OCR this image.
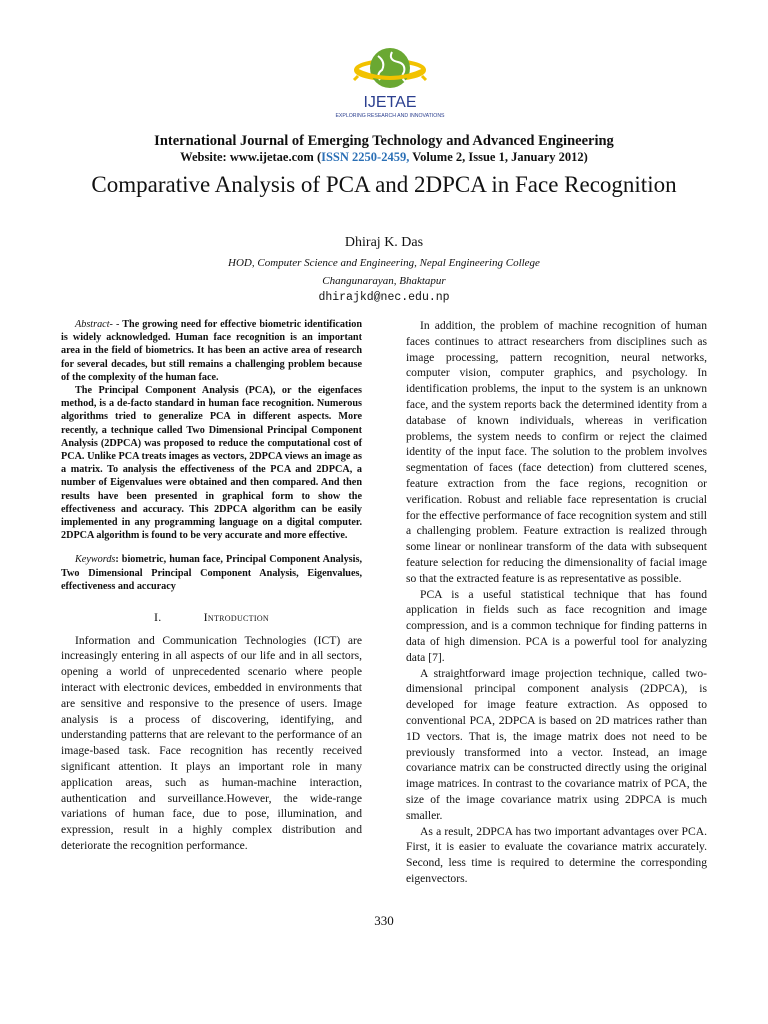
IJETAE
EXPLORING RESEARCH AND INNOVATIONS
International Journal of Emerging Technology and Advanced Engineering
Website: www.ijetae.com (ISSN 2250-2459, Volume 2, Issue 1, January 2012)
Comparative Analysis of PCA and 2DPCA in Face Recognition
Dhiraj K. Das
HOD, Computer Science and Engineering, Nepal Engineering College
Changunarayan, Bhaktapur
dhirajkd@nec.edu.np

Abstract- - The growing need for effective biometric identification is widely acknowledged. Human face recognition is an important area in the field of biometrics. It has been an active area of research for several decades, but still remains a challenging problem because of the complexity of the human face.

The Principal Component Analysis (PCA), or the eigenfaces method, is a de-facto standard in human face recognition. Numerous algorithms tried to generalize PCA in different aspects. More recently, a technique called Two Dimensional Principal Component Analysis (2DPCA) was proposed to reduce the computational cost of PCA. Unlike PCA treats images as vectors, 2DPCA views an image as a matrix. To analysis the effectiveness of the PCA and 2DPCA, a number of Eigenvalues were obtained and then compared. And then results have been presented in graphical form to show the effectiveness and accuracy. This 2DPCA algorithm can be easily implemented in any programming language on a digital computer. 2DPCA algorithm is found to be very accurate and more effective.

Keywords: biometric, human face, Principal Component Analysis, Two Dimensional Principal Component Analysis, Eigenvalues, effectiveness and accuracy

I.	Introduction

Information and Communication Technologies (ICT) are increasingly entering in all aspects of our life and in all sectors, opening a world of unprecedented scenario where people interact with electronic devices, embedded in environments that are sensitive and responsive to the presence of users. Image analysis is a process of discovering, identifying, and understanding patterns that are relevant to the performance of an image-based task. Face recognition has recently received significant attention. It plays an important role in many application areas, such as human-machine interaction, authentication and surveillance.However, the wide-range variations of human face, due to pose, illumination, and expression, result in a highly complex distribution and deteriorate the recognition performance.

In addition, the problem of machine recognition of human faces continues to attract researchers from disciplines such as image processing, pattern recognition, neural networks, computer vision, computer graphics, and psychology. In identification problems, the input to the system is an unknown face, and the system reports back the determined identity from a database of known individuals, whereas in verification problems, the system needs to confirm or reject the claimed identity of the input face. The solution to the problem involves segmentation of faces (face detection) from cluttered scenes, feature extraction from the face regions, recognition or verification. Robust and reliable face representation is crucial for the effective performance of face recognition system and still a challenging problem. Feature extraction is realized through some linear or nonlinear transform of the data with subsequent feature selection for reducing the dimensionality of facial image so that the extracted feature is as representative as possible.

PCA is a useful statistical technique that has found application in fields such as face recognition and image compression, and is a common technique for finding patterns in data of high dimension. PCA is a powerful tool for analyzing data [7].

A straightforward image projection technique, called two-dimensional principal component analysis (2DPCA), is developed for image feature extraction. As opposed to conventional PCA, 2DPCA is based on 2D matrices rather than 1D vectors. That is, the image matrix does not need to be previously transformed into a vector. Instead, an image covariance matrix can be constructed directly using the original image matrices. In contrast to the covariance matrix of PCA, the size of the image covariance matrix using 2DPCA is much smaller.

As a result, 2DPCA has two important advantages over PCA. First, it is easier to evaluate the covariance matrix accurately. Second, less time is required to determine the corresponding eigenvectors.

330
